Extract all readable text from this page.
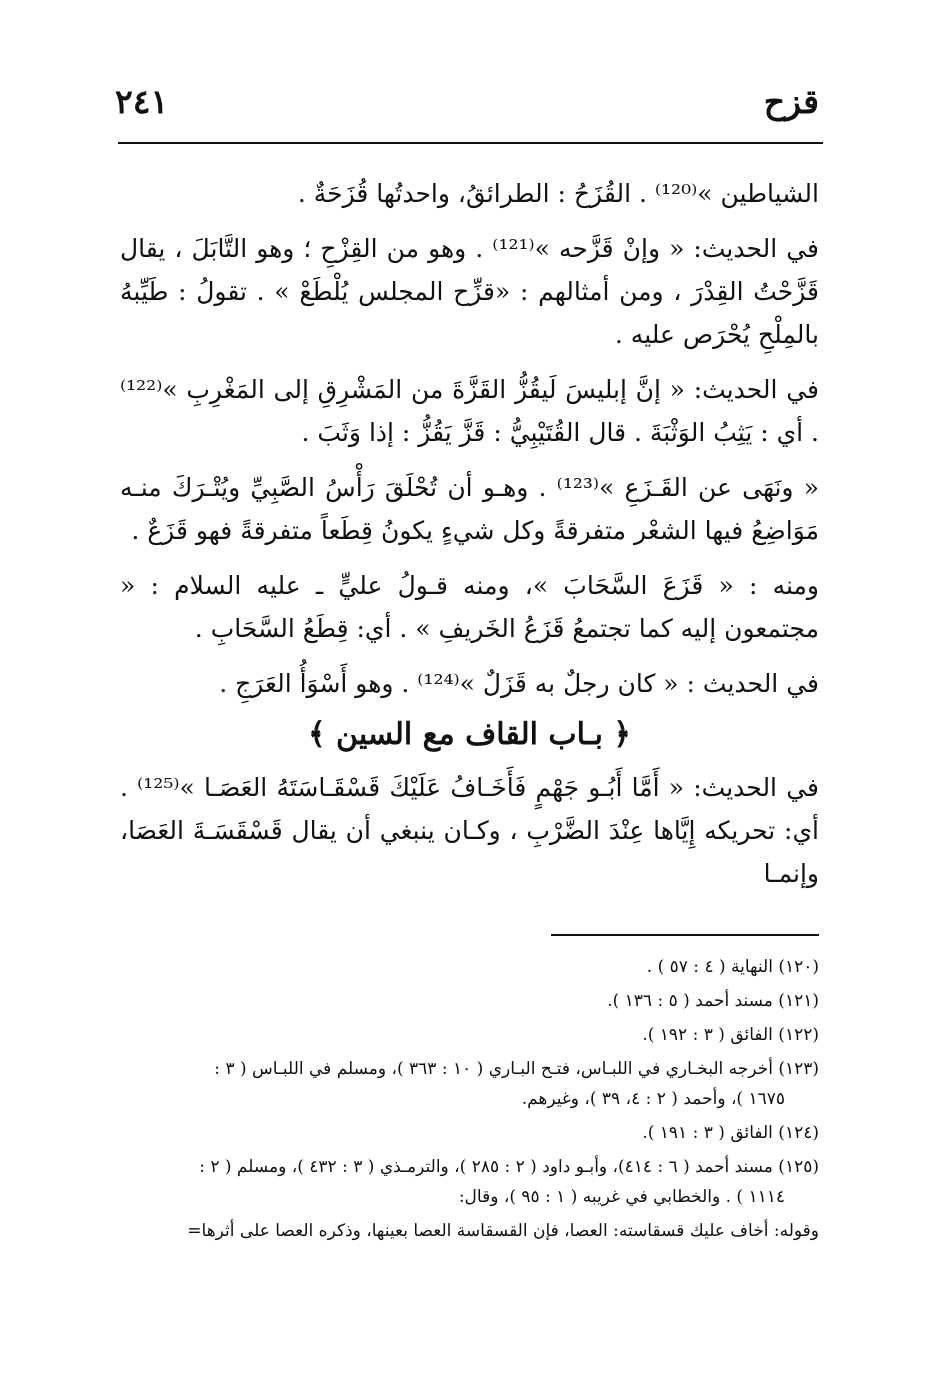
قزح
٢٤١

الشياطين »⁽¹²⁰⁾ . القُزَحُ : الطرائقُ، واحدتُها قُزَحَةٌ .

في الحديث: « وإنْ قَزَّحه »⁽¹²¹⁾ . وهو من القِزْحِ ؛ وهو التَّابَلَ ، يقال قَزَّحْتُ القِدْرَ ، ومن أمثالهم : «قزِّح المجلس يُلْطَعْ » . تقولُ : طَيِّبهُ بالمِلْحِ يُحْرَص عليه .

في الحديث: « إنَّ إبليسَ لَيقُزُّ القَزَّةَ من المَشْرِقِ إلى المَغْرِبِ »⁽¹²²⁾ . أي : يَثِبُ الوَثْبَةَ . قال القُتَيْبِيُّ : قَزَّ يَقُزُّ : إذا وَثَبَ .

« ونَهَى عن القَـزَعِ »⁽¹²³⁾ . وهـو أن تُحْلَقَ رَأْسُ الصَّبِيِّ ويُتْـرَكَ منـه مَوَاضِعُ فيها الشعْر متفرقةً وكل شيءٍ يكونُ قِطَعاً متفرقةً فهو قَزَعٌ .

ومنه : « قَزَعَ السَّحَابَ »، ومنه قـولُ عليٍّ ـ عليه السلام : « مجتمعون إليه كما تجتمعُ قَزَعُ الخَريفِ » . أي: قِطَعُ السَّحَابِ .

في الحديث : « كان رجلٌ به قَزَلٌ »⁽¹²⁴⁾ . وهو أَسْوَأُ العَرَجِ .

﴿ بـاب القاف مع السين ﴾

في الحديث: « أَمَّا أَبُـو جَهْمٍ فَأَخَـافُ عَلَيْكَ قَسْقَـاسَتَهُ العَصَـا »⁽¹²⁵⁾ . أي: تحريكه إِيَّاها عِنْدَ الضَّرْبِ ، وكـان ينبغي أن يقال قَسْقَسَـةَ العَصَا، وإنمـا

(١٢٠) النهاية ( ٤ : ٥٧ ) .
(١٢١) مسند أحمد ( ٥ : ١٣٦ ).
(١٢٢) الفائق ( ٣ : ١٩٢ ).
(١٢٣) أخرجه البخـاري في اللبـاس، فتـح البـاري ( ١٠ : ٣٦٣ )، ومسلم في اللبـاس ( ٣ :
١٦٧٥ )، وأحمد ( ٢ : ٤، ٣٩ )، وغيرهم.
(١٢٤) الفائق ( ٣ : ١٩١ ).
(١٢٥) مسند أحمد ( ٦ : ٤١٤)، وأبـو داود ( ٢ : ٢٨٥ )، والترمـذي ( ٣ : ٤٣٢ )، ومسلم ( ٢ :
١١١٤ ) . والخطابي في غريبه ( ١ : ٩٥ )، وقال:
وقوله: أخاف عليك قسقاسته: العصا، فإن القسقاسة العصا بعينها، وذكره العصا على أثرها=
